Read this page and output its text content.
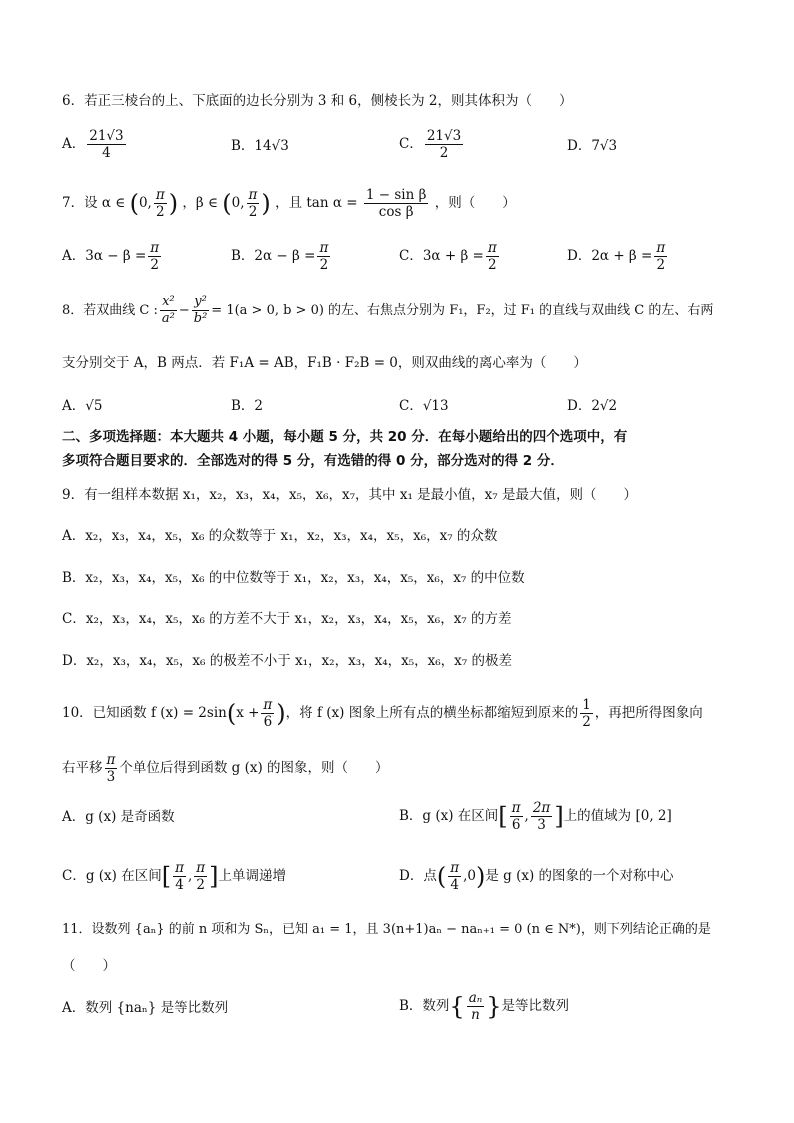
6．若正三棱台的上、下底面的边长分别为 3 和 6，侧棱长为 2，则其体积为（　　）
A． $\frac{21√3}{4}$	B．14√3	C． $\frac{21√3}{2}$	D．7√3
7．设 α ∈ (0, $\frac{\pi}{2}$ ) ，β ∈ (0, $\frac{\pi}{2}$ ) ，且 $\tan \alpha = \frac{\text{1 − sin β}}{\text{cos β}}$ ，则（　　）
A．$3\alpha - \beta = \frac{\pi}{2}$	B．$2\alpha - \beta = \frac{\pi}{2}$	C．$3\alpha + \beta = \frac{\pi}{2}$	D．$2\alpha + \beta = \frac{\pi}{2}$
8．若双曲线 C : $\frac{\text{x²}}{\text{a²}} - \frac{\text{y²}}{\text{b²}} = 1(a > 0$, b > 0) 的左、右焦点分别为 F₁，F₂，过 F₁ 的直线与双曲线 C 的左、右两
支分别交于 A，B 两点．若 F₁A = AB，F₁B · F₂B = 0，则双曲线的离心率为（　　）
A．√5	B．2	C．√13	D．2√2
二、多项选择题：本大题共 4 小题，每小题 5 分，共 20 分．在每小题给出的四个选项中，有
多项符合题目要求的．全部选对的得 5 分，有选错的得 0 分，部分选对的得 2 分．
9．有一组样本数据 x₁，x₂，x₃，x₄，x₅，x₆，x₇，其中 x₁ 是最小值，x₇ 是最大值，则（　　）
A．x₂，x₃，x₄，x₅，x₆ 的众数等于 x₁，x₂，x₃，x₄，x₅，x₆，x₇ 的众数
B．x₂，x₃，x₄，x₅，x₆ 的中位数等于 x₁，x₂，x₃，x₄，x₅，x₆，x₇ 的中位数
C．x₂，x₃，x₄，x₅，x₆ 的方差不大于 x₁，x₂，x₃，x₄，x₅，x₆，x₇ 的方差
D．x₂，x₃，x₄，x₅，x₆ 的极差不小于 x₁，x₂，x₃，x₄，x₅，x₆，x₇ 的极差
10．已知函数 f $(x) = 2\sin(x + \frac{\pi}{6}$ )，将 f (x) 图象上所有点的横坐标都缩短到原来的 $\frac{1}{2}$ ，再把所得图象向
右平移 $\frac{\pi}{3}$ 个单位后得到函数 g (x) 的图象，则（　　）
A．g (x) 是奇函数	B．g (x) 在区间[ $\frac{\pi}{6}$ , $\frac{2\pi}{3}$ ]上的值域为 [0, 2]
C．g (x) 在区间[ $\frac{\pi}{4}$ , $\frac{\pi}{2}$ ]上单调递增	D．点( $\frac{\pi}{4} ,0$)是 g (x) 的图象的一个对称中心
11．设数列 {aₙ} 的前 n 项和为 Sₙ，已知 a₁ = 1，且 3(n+1)aₙ − naₙ₊₁ = 0 (n ∈ N*)，则下列结论正确的是
（　　）
A．数列 {naₙ} 是等比数列	B．数列{ $\frac{\text{aₙ}}{n}$ }是等比数列
